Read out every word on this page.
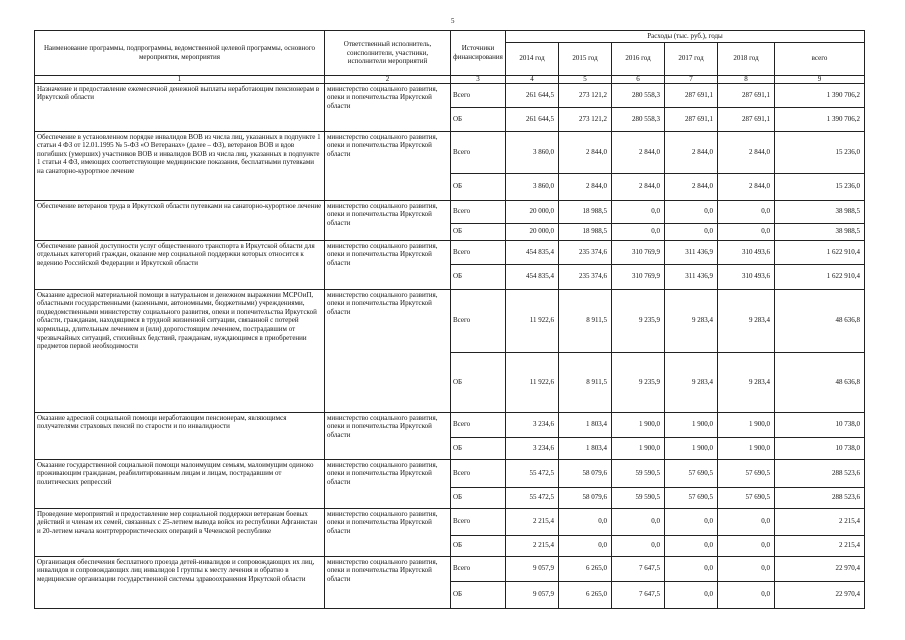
5
Наименование программы, подпрограммы, ведомственной целевой программы, основного мероприятия, мероприятия	Ответственный исполнитель, соисполнители, участники, исполнители мероприятий	Источники финансирования	Расходы (тыс. руб.), годы					
			2014 год	2015 год	2016 год	2017 год	2018 год	всего
1	2	3	4	5	6	7	8	9
Назначение и предоставление ежемесячной денежной выплаты неработающим пенсионерам в Иркутской области	министерство социального развития, опеки и попечительства Иркутской области	Всего	261 644,5	273 121,2	280 558,3	287 691,1	287 691,1	1 390 706,2
		ОБ	261 644,5	273 121,2	280 558,3	287 691,1	287 691,1	1 390 706,2
Обеспечение в установленном порядке инвалидов ВОВ из числа лиц, указанных в подпункте 1 статьи 4 ФЗ от 12.01.1995 № 5-ФЗ «О Ветеранах» (далее – ФЗ), ветеранов ВОВ и вдов погибших (умерших) участников ВОВ и инвалидов ВОВ из числа лиц, указанных в подпункте 1 статьи 4 ФЗ, имеющих соответствующие медицинские показания, бесплатными путевками на санаторно-курортное лечение	министерство социального развития, опеки и попечительства Иркутской области	Всего	3 860,0	2 844,0	2 844,0	2 844,0	2 844,0	15 236,0
		ОБ	3 860,0	2 844,0	2 844,0	2 844,0	2 844,0	15 236,0
Обеспечение ветеранов труда в Иркутской области путевками на санаторно-курортное лечение	министерство социального развития, опеки и попечительства Иркутской области	Всего	20 000,0	18 988,5	0,0	0,0	0,0	38 988,5
		ОБ	20 000,0	18 988,5	0,0	0,0	0,0	38 988,5
Обеспечение равной доступности услуг общественного транспорта в Иркутской области для отдельных категорий граждан, оказание мер социальной поддержки которых относится к ведению Российской Федерации и Иркутской области	министерство социального развития, опеки и попечительства Иркутской области	Всего	454 835,4	235 374,6	310 769,9	311 436,9	310 493,6	1 622 910,4
		ОБ	454 835,4	235 374,6	310 769,9	311 436,9	310 493,6	1 622 910,4
Оказание адресной материальной помощи в натуральном и денежном выражении МСРОиП, областными государственными (казенными, автономными, бюджетными) учреждениями, подведомственными министерству социального развития, опеки и попечительства Иркутской области, гражданам, находящимся в трудной жизненной ситуации, связанной с потерей кормильца, длительным лечением и (или) дорогостоящим лечением, пострадавшим от чрезвычайных ситуаций, стихийных бедствий, гражданам, нуждающимся в приобретении предметов первой необходимости	министерство социального развития, опеки и попечительства Иркутской области	Всего	11 922,6	8 911,5	9 235,9	9 283,4	9 283,4	48 636,8
		ОБ	11 922,6	8 911,5	9 235,9	9 283,4	9 283,4	48 636,8
Оказание адресной социальной помощи неработающим пенсионерам, являющимся получателями страховых пенсий по старости и по инвалидности	министерство социального развития, опеки и попечительства Иркутской области	Всего	3 234,6	1 803,4	1 900,0	1 900,0	1 900,0	10 738,0
		ОБ	3 234,6	1 803,4	1 900,0	1 900,0	1 900,0	10 738,0
Оказание государственной социальной помощи малоимущим семьям, малоимущим одиноко проживающим гражданам, реабилитированным лицам и лицам, пострадавшим от политических репрессий	министерство социального развития, опеки и попечительства Иркутской области	Всего	55 472,5	58 079,6	59 590,5	57 690,5	57 690,5	288 523,6
		ОБ	55 472,5	58 079,6	59 590,5	57 690,5	57 690,5	288 523,6
Проведение мероприятий и предоставление мер социальной поддержки ветеранам боевых действий и членам их семей, связанных с 25-летием вывода войск из республики Афганистан и 20-летием начала контртеррористических операций в Чеченской республике	министерство социального развития, опеки и попечительства Иркутской области	Всего	2 215,4	0,0	0,0	0,0	0,0	2 215,4
		ОБ	2 215,4	0,0	0,0	0,0	0,0	2 215,4
Организация обеспечения бесплатного проезда детей-инвалидов и сопровождающих их лиц, инвалидов и сопровождающих лиц инвалидов I группы к месту лечения и обратно в медицинские организации государственной системы здравоохранения Иркутской области	министерство социального развития, опеки и попечительства Иркутской области	Всего	9 057,9	6 265,0	7 647,5	0,0	0,0	22 970,4
		ОБ	9 057,9	6 265,0	7 647,5	0,0	0,0	22 970,4
